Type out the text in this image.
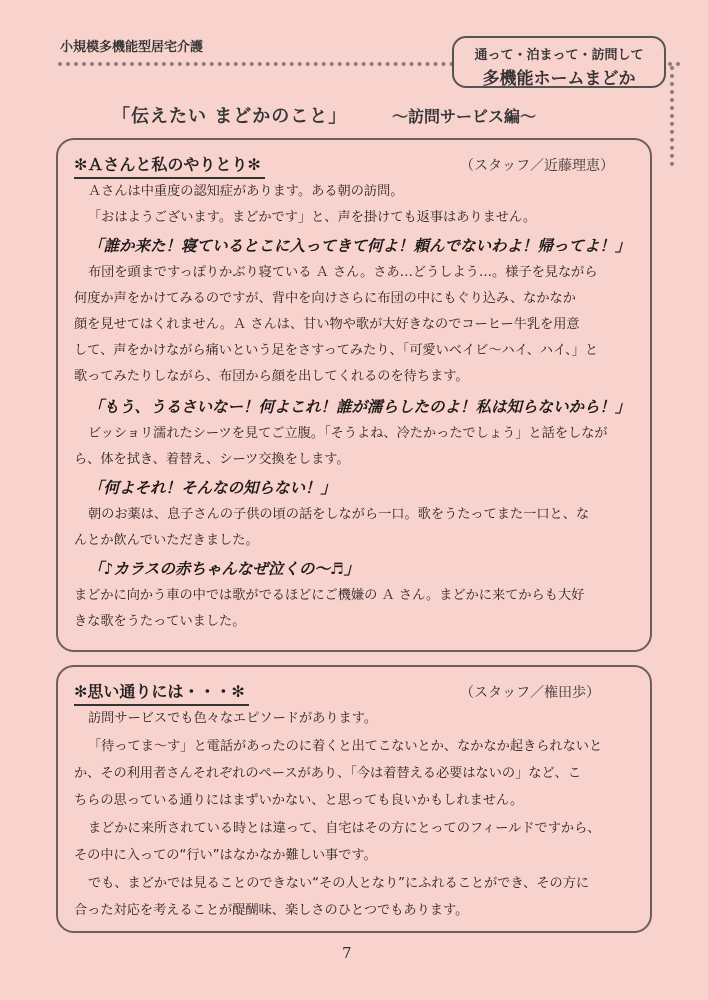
小規模多機能型居宅介護
通って・泊まって・訪問して
多機能ホームまどか
「伝えたい まどかのこと」	～訪問サービス編～
✻Ａさんと私のやりとり✻	（スタッフ／近藤理恵）
Ａさんは中重度の認知症があります。ある朝の訪問。
「おはようございます。まどかです」と、声を掛けても返事はありません。
「誰か来た！寝ているとこに入ってきて何よ！頼んでないわよ！帰ってよ！」
布団を頭まですっぽりかぶり寝ている Ａ さん。さあ…どうしよう…。様子を見ながら
何度か声をかけてみるのですが、背中を向けさらに布団の中にもぐり込み、なかなか
顔を見せてはくれません。Ａ さんは、甘い物や歌が大好きなのでコーヒー牛乳を用意
して、声をかけながら痛いという足をさすってみたり、「可愛いベイビ～ハイ、ハイ、」と
歌ってみたりしながら、布団から顔を出してくれるのを待ちます。
「もう、うるさいなー！何よこれ！誰が濡らしたのよ！私は知らないから！」
ビッショリ濡れたシーツを見てご立腹。「そうよね、冷たかったでしょう」と話をしなが
ら、体を拭き、着替え、シーツ交換をします。
「何よそれ！そんなの知らない！」
朝のお薬は、息子さんの子供の頃の話をしながら一口。歌をうたってまた一口と、な
んとか飲んでいただきました。
「♪カラスの赤ちゃんなぜ泣くの～♬」
まどかに向かう車の中では歌がでるほどにご機嫌の Ａ さん。まどかに来てからも大好
きな歌をうたっていました。
✻思い通りには・・・✻	（スタッフ／権田歩）
訪問サービスでも色々なエピソードがあります。
「待ってま～す」と電話があったのに着くと出てこないとか、なかなか起きられないと
か、その利用者さんそれぞれのペースがあり、「今は着替える必要はないの」など、こ
ちらの思っている通りにはまずいかない、と思っても良いかもしれません。
まどかに来所されている時とは違って、自宅はその方にとってのフィールドですから、
その中に入っての“行い”はなかなか難しい事です。
でも、まどかでは見ることのできない“その人となり”にふれることができ、その方に
合った対応を考えることが醍醐味、楽しさのひとつでもあります。
7
